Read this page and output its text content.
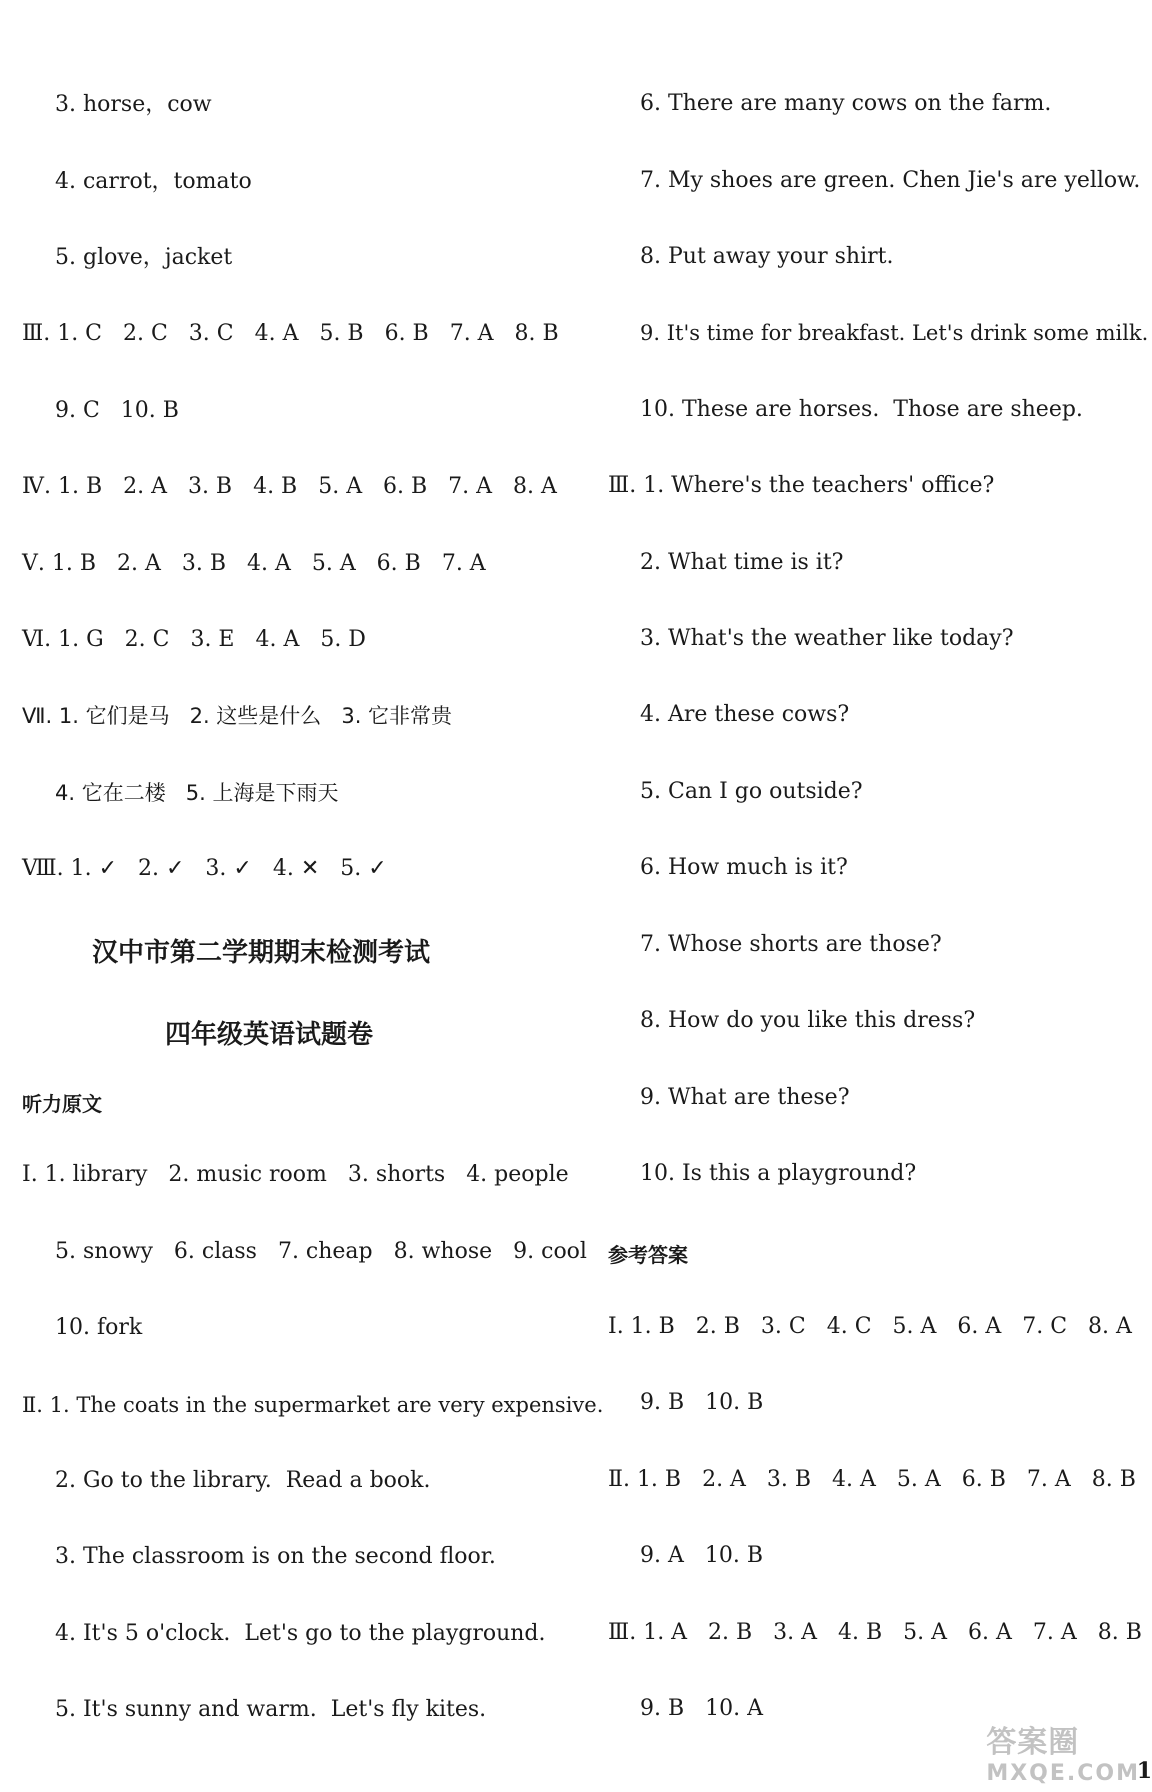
3. horse，cow
4. carrot，tomato
5. glove，jacket
Ⅲ. 1. C   2. C   3. C   4. A   5. B   6. B   7. A   8. B
9. C   10. B
Ⅳ. 1. B   2. A   3. B   4. B   5. A   6. B   7. A   8. A
Ⅴ. 1. B   2. A   3. B   4. A   5. A   6. B   7. A
Ⅵ. 1. G   2. C   3. E   4. A   5. D
Ⅶ. 1. 它们是马   2. 这些是什么   3. 它非常贵
4. 它在二楼   5. 上海是下雨天
Ⅷ. 1. ✓   2. ✓   3. ✓   4. ✕   5. ✓
汉中市第二学期期末检测考试
四年级英语试题卷
听力原文
Ⅰ. 1. library   2. music room   3. shorts   4. people
5. snowy   6. class   7. cheap   8. whose   9. cool
10. fork
Ⅱ. 1. The coats in the supermarket are very expensive.
2. Go to the library.  Read a book.
3. The classroom is on the second floor.
4. It's 5 o'clock.  Let's go to the playground.
5. It's sunny and warm.  Let's fly kites.
6. There are many cows on the farm.
7. My shoes are green. Chen Jie's are yellow.
8. Put away your shirt.
9. It's time for breakfast. Let's drink some milk.
10. These are horses.  Those are sheep.
Ⅲ. 1. Where's the teachers' office?
2. What time is it?
3. What's the weather like today?
4. Are these cows?
5. Can I go outside?
6. How much is it?
7. Whose shorts are those?
8. How do you like this dress?
9. What are these?
10. Is this a playground?
参考答案
Ⅰ. 1. B   2. B   3. C   4. C   5. A   6. A   7. C   8. A
9. B   10. B
Ⅱ. 1. B   2. A   3. B   4. A   5. A   6. B   7. A   8. B
9. A   10. B
Ⅲ. 1. A   2. B   3. A   4. B   5. A   6. A   7. A   8. B
9. B   10. A
1
答案圈
MXQE.COM
